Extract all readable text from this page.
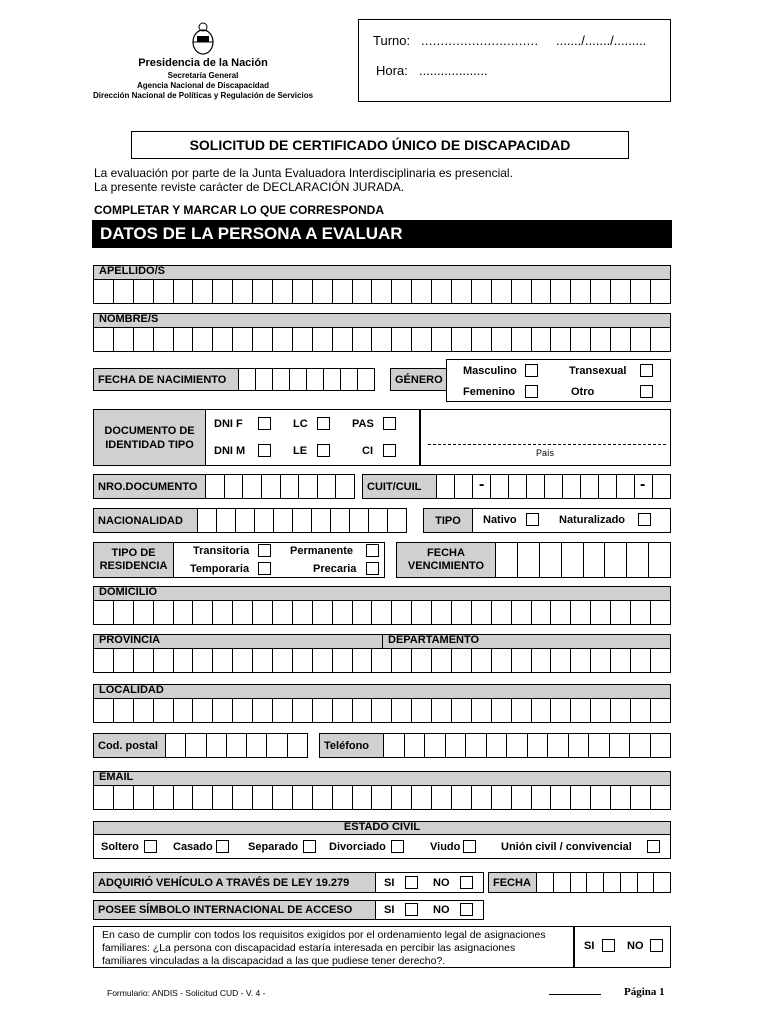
Presidencia de la Nación
Secretaría General
Agencia Nacional de Discapacidad
Dirección Nacional de Políticas y Regulación de Servicios
Turno: .............................. ......./......./.........
Hora: ...................
SOLICITUD DE CERTIFICADO ÚNICO DE DISCAPACIDAD
La evaluación por parte de la Junta Evaluadora Interdisciplinaria es presencial.
La presente reviste carácter de DECLARACIÓN JURADA.
COMPLETAR Y MARCAR LO QUE CORRESPONDA
DATOS DE LA PERSONA A EVALUAR
APELLIDO/S
NOMBRE/S
FECHA DE NACIMIENTO	GÉNERO
Masculino	Transexual
Femenino	Otro
DOCUMENTO DE IDENTIDAD TIPO
DNI F	LC	PAS
DNI M	LE	CI	País
NRO.DOCUMENTO	CUIT/CUIL	-	-
NACIONALIDAD	TIPO Nativo	Naturalizado
TIPO DE RESIDENCIA
Transitoria	Permanente
Temporaria	Precaria
FECHA VENCIMIENTO
DOMICILIO
PROVINCIA	DEPARTAMENTO
LOCALIDAD
Cod. postal	Teléfono
EMAIL
ESTADO CIVIL
Soltero	Casado	Separado	Divorciado	Viudo	Unión civil / convivencial
ADQUIRIÓ VEHÍCULO A TRAVÉS DE LEY 19.279	SI	NO	FECHA
POSEE SÍMBOLO INTERNACIONAL DE ACCESO	SI	NO
En caso de cumplir con todos los requisitos exigidos por el ordenamiento legal de asignaciones
familiares: ¿La persona con discapacidad estaría interesada en percibir las asignaciones
familiares vinculadas a la discapacidad a las que pudiese tener derecho?.
SI	NO
Formulario: ANDIS - Solicitud CUD - V. 4 -	Página 1
